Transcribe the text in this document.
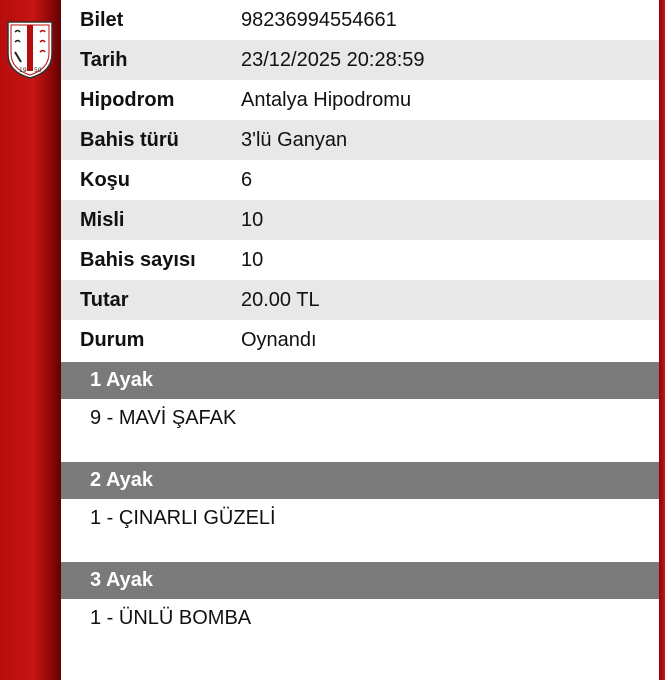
19 50
Bilet	98236994554661
Tarih	23/12/2025 20:28:59
Hipodrom	Antalya Hipodromu
Bahis türü	3'lü Ganyan
Koşu	6
Misli	10
Bahis sayısı	10
Tutar	20.00 TL
Durum	Oynandı
1 Ayak
9 - MAVİ ŞAFAK
2 Ayak
1 - ÇINARLI GÜZELİ
3 Ayak
1 - ÜNLÜ BOMBA
